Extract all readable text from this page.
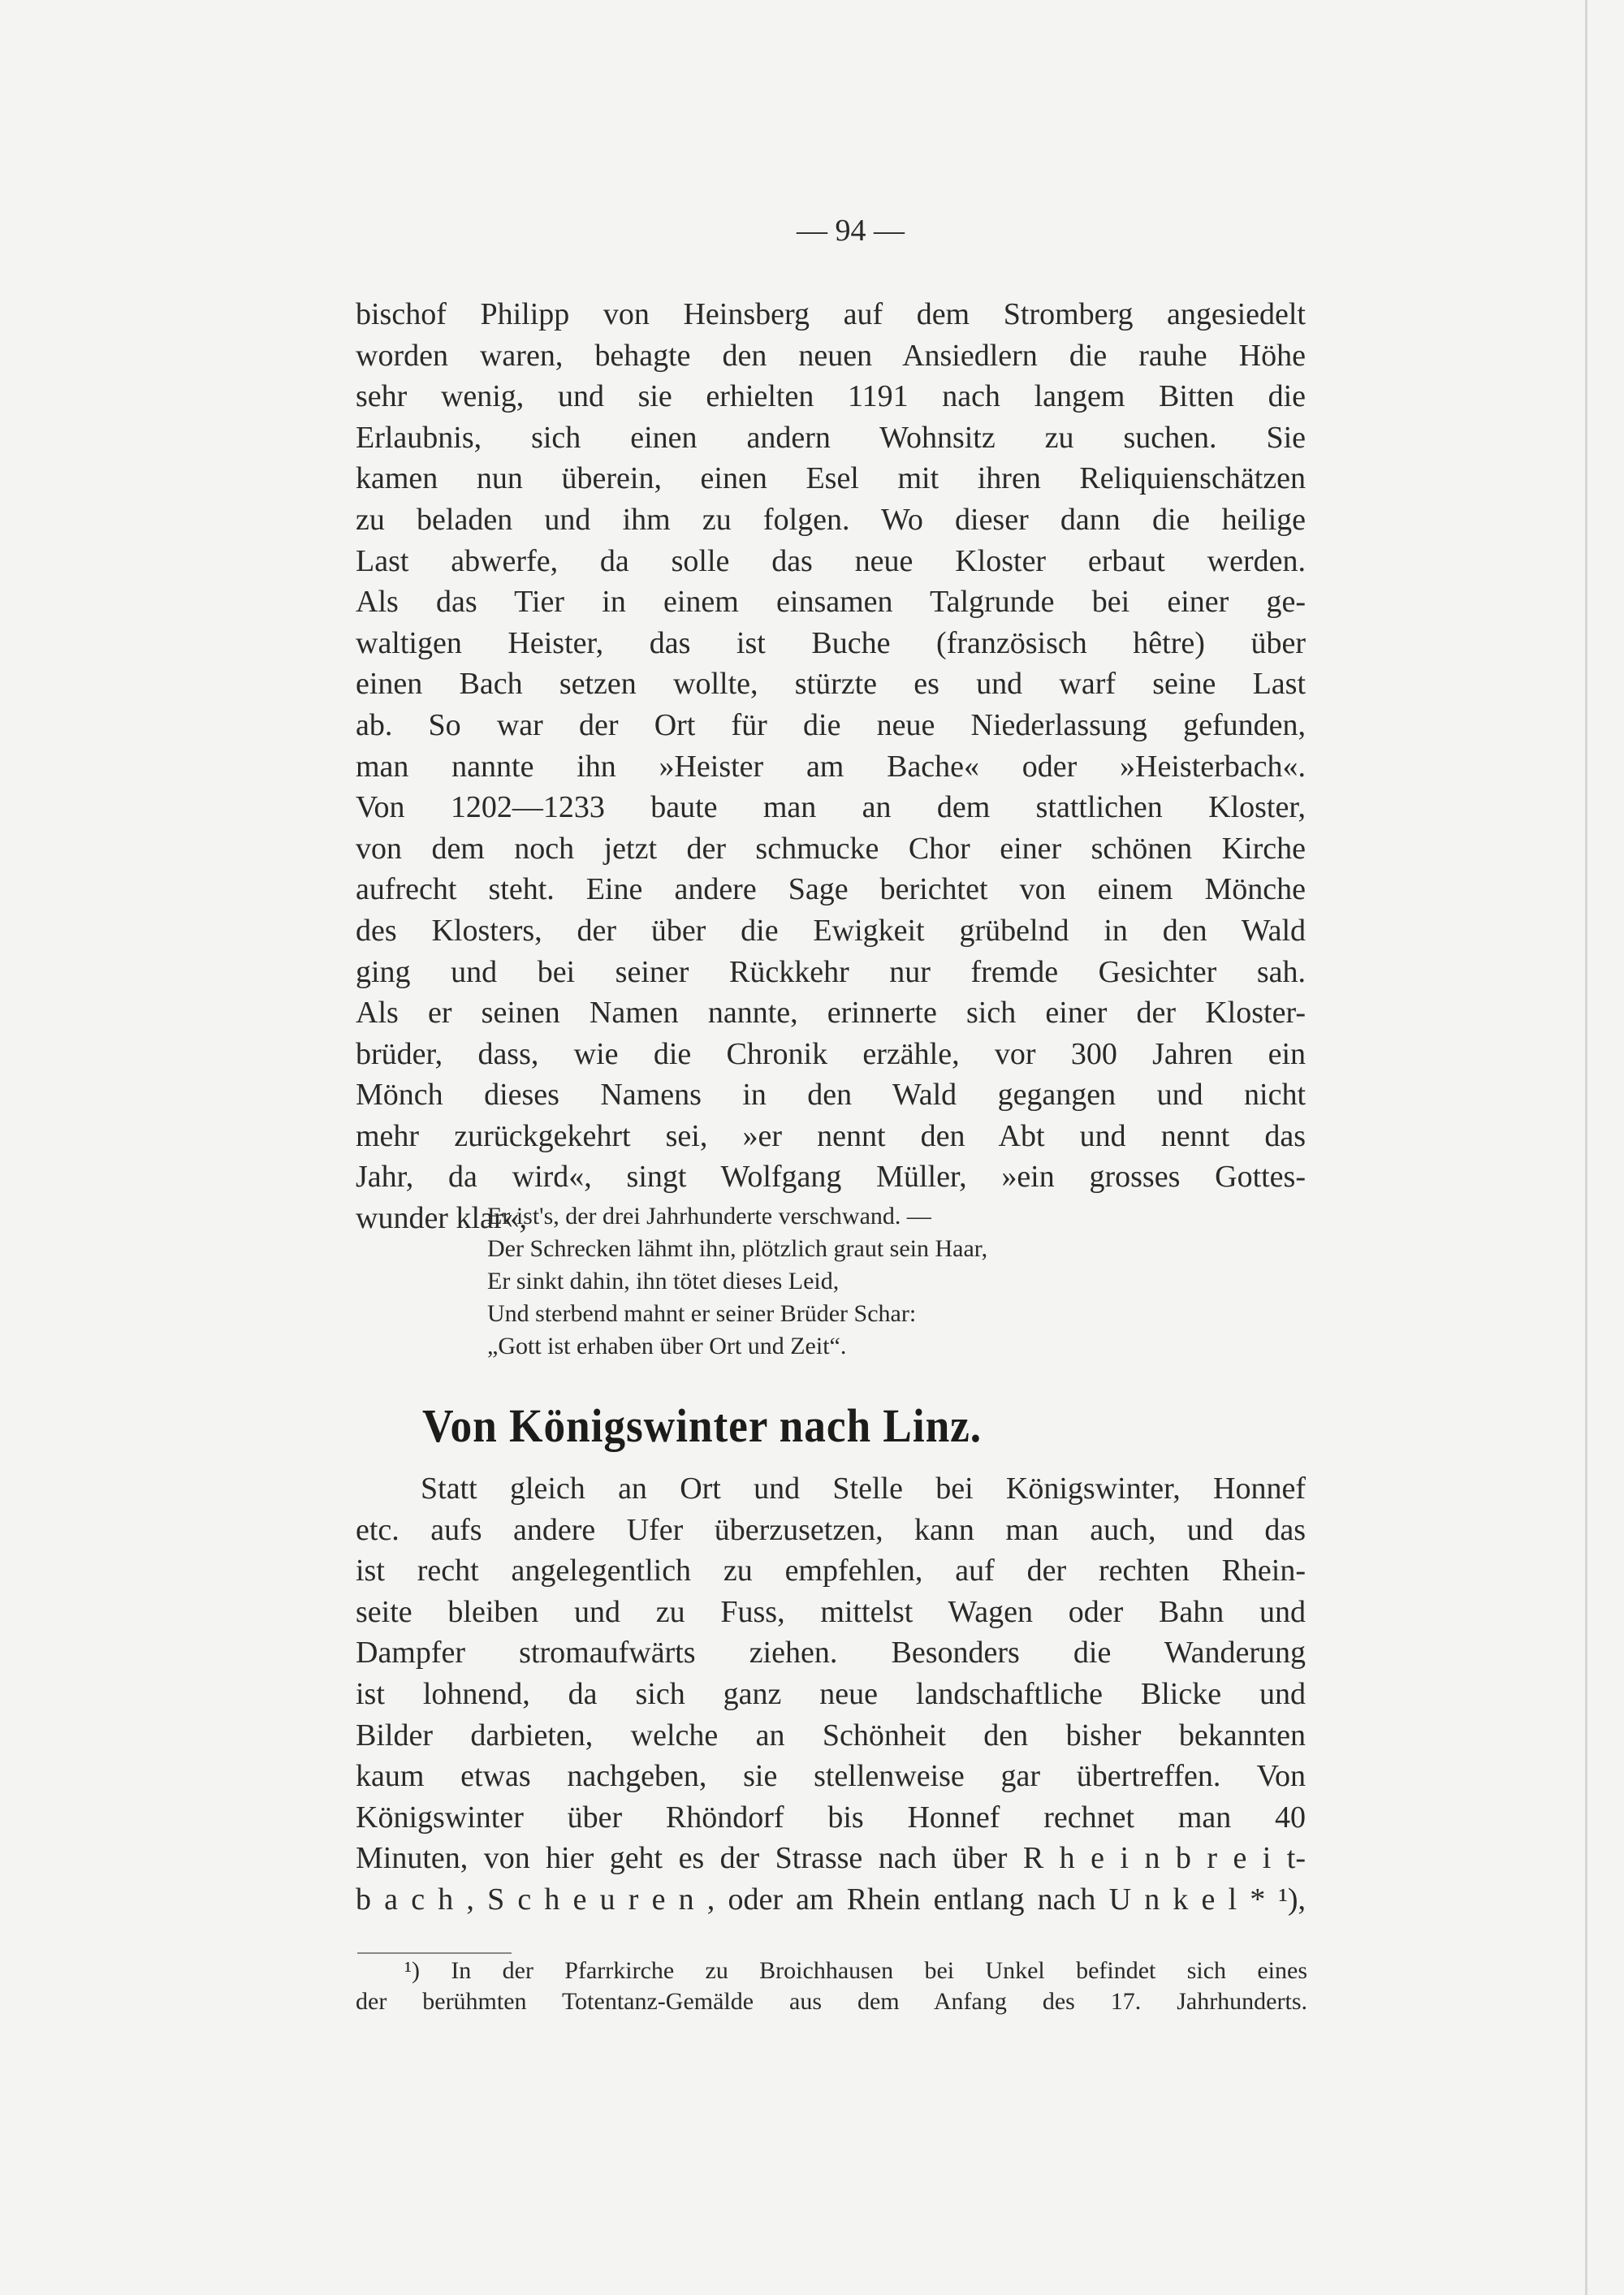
— 94 —
bischof Philipp von Heinsberg auf dem Stromberg angesiedelt
worden waren, behagte den neuen Ansiedlern die rauhe Höhe
sehr wenig, und sie erhielten 1191 nach langem Bitten die
Erlaubnis, sich einen andern Wohnsitz zu suchen. Sie
kamen nun überein, einen Esel mit ihren Reliquienschätzen
zu beladen und ihm zu folgen. Wo dieser dann die heilige
Last abwerfe, da solle das neue Kloster erbaut werden.
Als das Tier in einem einsamen Talgrunde bei einer ge-
waltigen Heister, das ist Buche (französisch hêtre) über
einen Bach setzen wollte, stürzte es und warf seine Last
ab. So war der Ort für die neue Niederlassung gefunden,
man nannte ihn »Heister am Bache« oder »Heisterbach«.
Von 1202—1233 baute man an dem stattlichen Kloster,
von dem noch jetzt der schmucke Chor einer schönen Kirche
aufrecht steht. Eine andere Sage berichtet von einem Mönche
des Klosters, der über die Ewigkeit grübelnd in den Wald
ging und bei seiner Rückkehr nur fremde Gesichter sah.
Als er seinen Namen nannte, erinnerte sich einer der Kloster-
brüder, dass, wie die Chronik erzähle, vor 300 Jahren ein
Mönch dieses Namens in den Wald gegangen und nicht
mehr zurückgekehrt sei, »er nennt den Abt und nennt das
Jahr, da wird«, singt Wolfgang Müller, »ein grosses Gottes-
wunder klar«,
Er ist's, der drei Jahrhunderte verschwand. —
Der Schrecken lähmt ihn, plötzlich graut sein Haar,
Er sinkt dahin, ihn tötet dieses Leid,
Und sterbend mahnt er seiner Brüder Schar:
„Gott ist erhaben über Ort und Zeit“.
Von Königswinter nach Linz.
Statt gleich an Ort und Stelle bei Königswinter, Honnef
etc. aufs andere Ufer überzusetzen, kann man auch, und das
ist recht angelegentlich zu empfehlen, auf der rechten Rhein-
seite bleiben und zu Fuss, mittelst Wagen oder Bahn und
Dampfer stromaufwärts ziehen. Besonders die Wanderung
ist lohnend, da sich ganz neue landschaftliche Blicke und
Bilder darbieten, welche an Schönheit den bisher bekannten
kaum etwas nachgeben, sie stellenweise gar übertreffen. Von
Königswinter über Rhöndorf bis Honnef rechnet man 40
Minuten, von hier geht es der Strasse nach über R h e i n b r e i t-
b a c h , S c h e u r e n , oder am Rhein entlang nach U n k e l * ¹),
¹) In der Pfarrkirche zu Broichhausen bei Unkel befindet sich eines
der berühmten Totentanz-Gemälde aus dem Anfang des 17. Jahrhunderts.
